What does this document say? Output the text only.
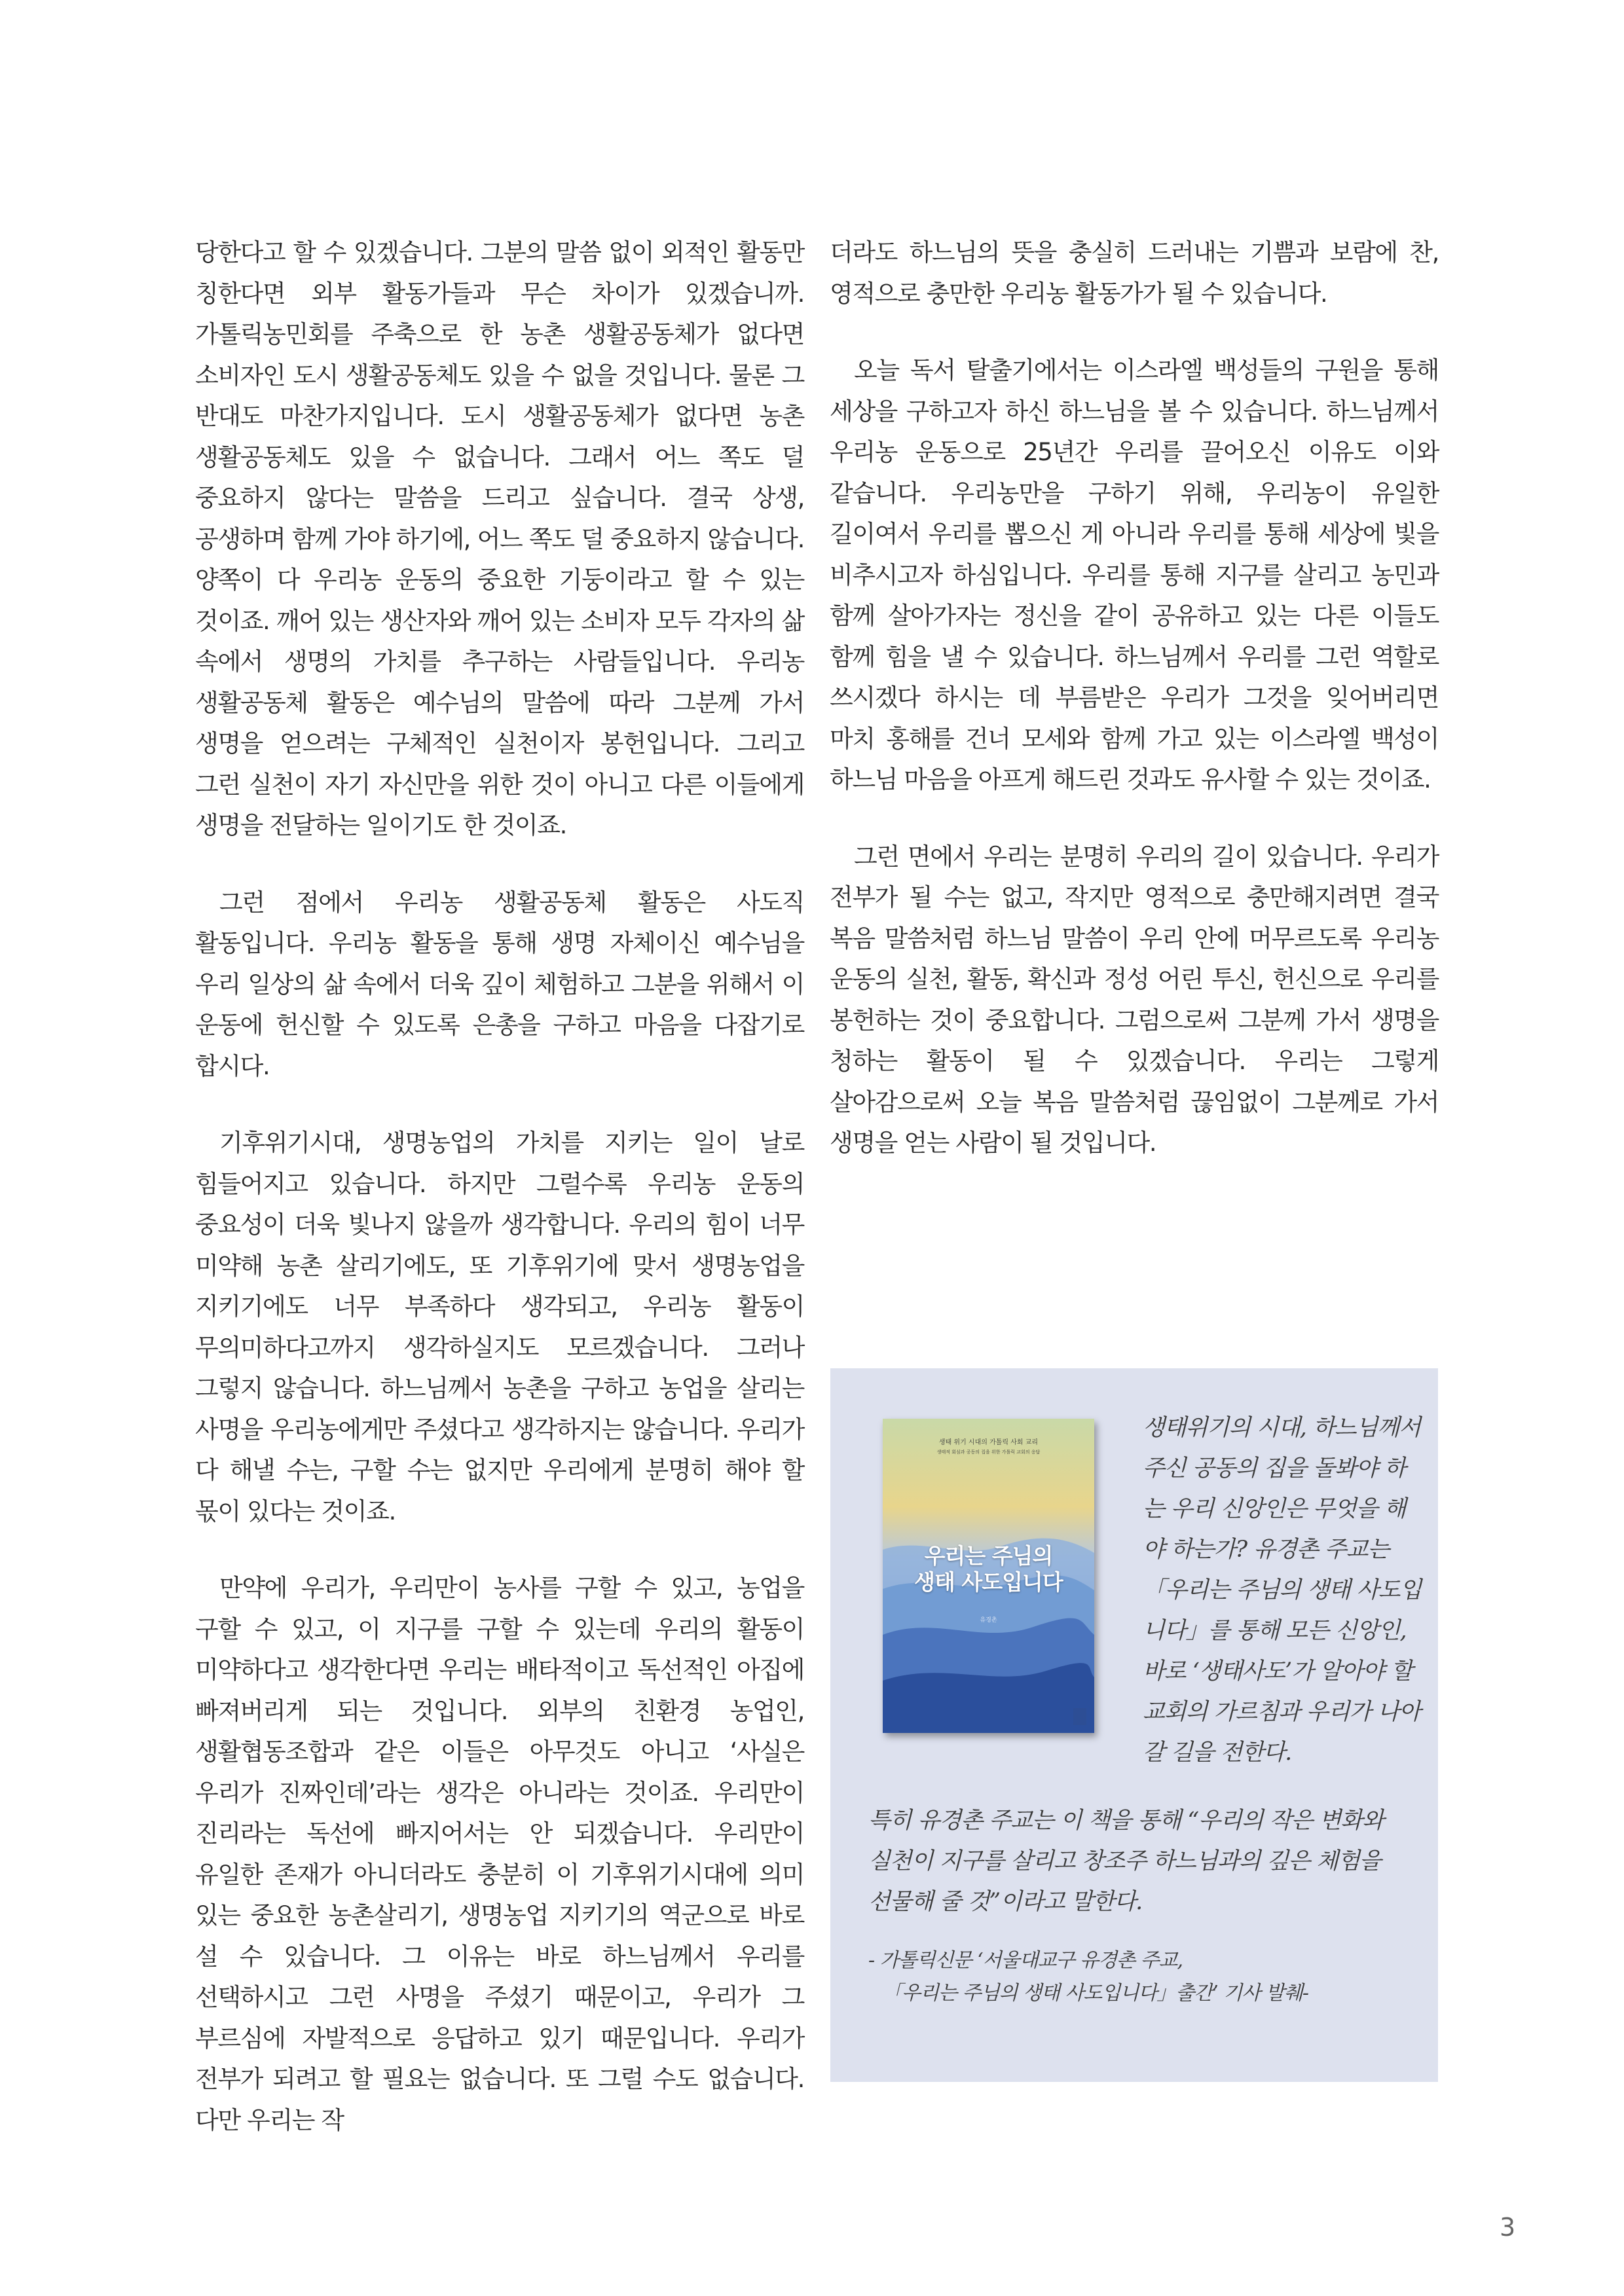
당한다고 할 수 있겠습니다. 그분의 말씀 없이 외적인 활동만 칭한다면 외부 활동가들과 무슨 차이가 있겠습니까. 가톨릭농민회를 주축으로 한 농촌 생활공동체가 없다면 소비자인 도시 생활공동체도 있을 수 없을 것입니다. 물론 그 반대도 마찬가지입니다. 도시 생활공동체가 없다면 농촌 생활공동체도 있을 수 없습니다. 그래서 어느 쪽도 덜 중요하지 않다는 말씀을 드리고 싶습니다. 결국 상생, 공생하며 함께 가야 하기에, 어느 쪽도 덜 중요하지 않습니다. 양쪽이 다 우리농 운동의 중요한 기둥이라고 할 수 있는 것이죠. 깨어 있는 생산자와 깨어 있는 소비자 모두 각자의 삶 속에서 생명의 가치를 추구하는 사람들입니다. 우리농 생활공동체 활동은 예수님의 말씀에 따라 그분께 가서 생명을 얻으려는 구체적인 실천이자 봉헌입니다. 그리고 그런 실천이 자기 자신만을 위한 것이 아니고 다른 이들에게 생명을 전달하는 일이기도 한 것이죠.

그런 점에서 우리농 생활공동체 활동은 사도직 활동입니다. 우리농 활동을 통해 생명 자체이신 예수님을 우리 일상의 삶 속에서 더욱 깊이 체험하고 그분을 위해서 이 운동에 헌신할 수 있도록 은총을 구하고 마음을 다잡기로 합시다.

기후위기시대, 생명농업의 가치를 지키는 일이 날로 힘들어지고 있습니다. 하지만 그럴수록 우리농 운동의 중요성이 더욱 빛나지 않을까 생각합니다. 우리의 힘이 너무 미약해 농촌 살리기에도, 또 기후위기에 맞서 생명농업을 지키기에도 너무 부족하다 생각되고, 우리농 활동이 무의미하다고까지 생각하실지도 모르겠습니다. 그러나 그렇지 않습니다. 하느님께서 농촌을 구하고 농업을 살리는 사명을 우리농에게만 주셨다고 생각하지는 않습니다. 우리가 다 해낼 수는, 구할 수는 없지만 우리에게 분명히 해야 할 몫이 있다는 것이죠.

만약에 우리가, 우리만이 농사를 구할 수 있고, 농업을 구할 수 있고, 이 지구를 구할 수 있는데 우리의 활동이 미약하다고 생각한다면 우리는 배타적이고 독선적인 아집에 빠져버리게 되는 것입니다. 외부의 친환경 농업인, 생활협동조합과 같은 이들은 아무것도 아니고 ‘사실은 우리가 진짜인데’라는 생각은 아니라는 것이죠. 우리만이 진리라는 독선에 빠지어서는 안 되겠습니다. 우리만이 유일한 존재가 아니더라도 충분히 이 기후위기시대에 의미 있는 중요한 농촌살리기, 생명농업 지키기의 역군으로 바로 설 수 있습니다. 그 이유는 바로 하느님께서 우리를 선택하시고 그런 사명을 주셨기 때문이고, 우리가 그 부르심에 자발적으로 응답하고 있기 때문입니다. 우리가 전부가 되려고 할 필요는 없습니다. 또 그럴 수도 없습니다. 다만 우리는 작

더라도 하느님의 뜻을 충실히 드러내는 기쁨과 보람에 찬, 영적으로 충만한 우리농 활동가가 될 수 있습니다.

오늘 독서 탈출기에서는 이스라엘 백성들의 구원을 통해 세상을 구하고자 하신 하느님을 볼 수 있습니다. 하느님께서 우리농 운동으로 25년간 우리를 끌어오신 이유도 이와 같습니다. 우리농만을 구하기 위해, 우리농이 유일한 길이여서 우리를 뽑으신 게 아니라 우리를 통해 세상에 빛을 비추시고자 하심입니다. 우리를 통해 지구를 살리고 농민과 함께 살아가자는 정신을 같이 공유하고 있는 다른 이들도 함께 힘을 낼 수 있습니다. 하느님께서 우리를 그런 역할로 쓰시겠다 하시는 데 부름받은 우리가 그것을 잊어버리면 마치 홍해를 건너 모세와 함께 가고 있는 이스라엘 백성이 하느님 마음을 아프게 해드린 것과도 유사할 수 있는 것이죠.

그런 면에서 우리는 분명히 우리의 길이 있습니다. 우리가 전부가 될 수는 없고, 작지만 영적으로 충만해지려면 결국 복음 말씀처럼 하느님 말씀이 우리 안에 머무르도록 우리농 운동의 실천, 활동, 확신과 정성 어린 투신, 헌신으로 우리를 봉헌하는 것이 중요합니다. 그럼으로써 그분께 가서 생명을 청하는 활동이 될 수 있겠습니다. 우리는 그렇게 살아감으로써 오늘 복음 말씀처럼 끊임없이 그분께로 가서 생명을 얻는 사람이 될 것입니다.

생태위기의 시대, 하느님께서 주신 공동의 집을 돌봐야 하는 우리 신앙인은 무엇을 해야 하는가? 유경촌 주교는 「우리는 주님의 생태 사도입니다」를 통해 모든 신앙인, 바로 ‘생태사도’가 알아야 할 교회의 가르침과 우리가 나아갈 길을 전한다.

생태 위기 시대의 가톨릭 사회 교리
생태적 회심과 공동의 집을 위한 가톨릭 교회의 응답
우리는 주님의
생태 사도입니다
유경촌

특히 유경촌 주교는 이 책을 통해 “우리의 작은 변화와 실천이 지구를 살리고 창조주 하느님과의 깊은 체험을 선물해 줄 것”이라고 말한다.

- 가톨릭신문 ‘서울대교구 유경촌 주교,
「우리는 주님의 생태 사도입니다」출간’ 기사 발췌-
3
